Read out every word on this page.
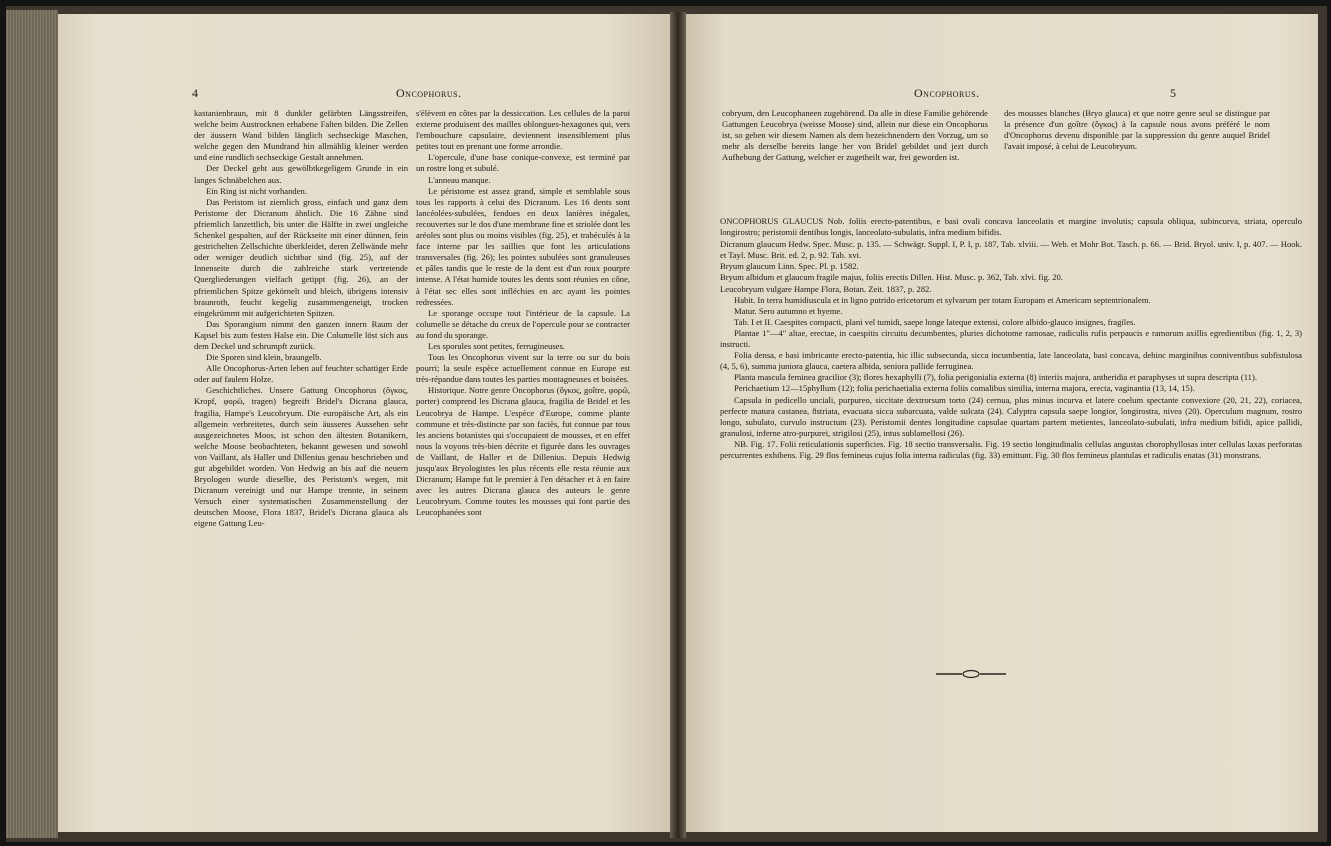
4	Oncophorus.

kastanienbraun, mit 8 dunkler gefärbten Längsstreifen, welche beim Austrocknen erhabene Falten bilden. Die Zellen der äussern Wand bilden länglich sechseckige Maschen, welche gegen den Mundrand hin allmählig kleiner werden und eine rundlich sechseckige Gestalt annehmen.

Der Deckel geht aus gewölbtkegeligem Grunde in ein langes Schnäbelchen aus.

Ein Ring ist nicht vorhanden.

Das Peristom ist ziemlich gross, einfach und ganz dem Peristome der Dicranum ähnlich. Die 16 Zähne sind pfriemlich lanzettlich, bis unter die Hälfte in zwei ungleiche Schenkel gespalten, auf der Rückseite mit einer dünnen, fein gestrichelten Zellschichte überkleidet, deren Zellwände mehr oder weniger deutlich sichtbar sind (fig. 25), auf der Innenseite durch die zahlreiche stark vertretende Quergliederungen vielfach getippt (fig. 26), an der pfriemlichen Spitze gekörnelt und bleich, übrigens intensiv braunroth, feucht kegelig zusammengeneigt, trocken eingekrümmt mit aufgerichteten Spitzen.

Das Sporangium nimmt den ganzen innern Raum der Kapsel bis zum festen Halse ein. Die Columelle löst sich aus dem Deckel und schrumpft zurück.

Die Sporen sind klein, braungelb.

Alle Oncophorus-Arten leben auf feuchter schattiger Erde oder auf faulem Holze.

Geschichtliches. Unsere Gattung Oncophorus (ὄγκος, Kropf, φορῶ, tragen) begreift Bridel's Dicrana glauca, fragilia, Hampe's Leucobryum. Die europäische Art, als ein allgemein verbreitetes, durch sein äusseres Aussehen sehr ausgezeichnetes Moos, ist schon den ältesten Botanikern, welche Moose beobachteten, bekannt gewesen und sowohl von Vaillant, als Haller und Dillenius genau beschrieben und gut abgebildet worden. Von Hedwig an bis auf die neuern Bryologen wurde dieselbe, des Peristom's wegen, mit Dicranum vereinigt und nur Hampe trennte, in seinem Versuch einer systematischen Zusammenstellung der deutschen Moose, Flora 1837, Bridel's Dicrana glauca als eigene Gattung Leu-

s'élèvent en côtes par la dessiccation. Les cellules de la paroi externe produisent des mailles oblongues-hexagones qui, vers l'embouchure capsulaire, deviennent insensiblement plus petites tout en prenant une forme arrondie.

L'opercule, d'une base conique-convexe, est terminé par un rostre long et subulé.

L'anneau manque.

Le péristome est assez grand, simple et semblable sous tous les rapports à celui des Dicranum. Les 16 dents sont lancéolées-subulées, fendues en deux lanières inégales, recouvertes sur le dos d'une membrane fine et striolée dont les aréoles sont plus ou moins visibles (fig. 25), et trabéculés à la face interne par les saillies que font les articulations transversales (fig. 26); les pointes subulées sont granuleuses et pâles tandis que le reste de la dent est d'un roux pourpre intense. A l'état humide toutes les dents sont réunies en cône, à l'état sec elles sont infléchies en arc ayant les pointes redressées.

Le sporange occupe tout l'intérieur de la capsule. La columelle se détache du creux de l'opercule pour se contracter au fond du sporange.

Les sporules sont petites, ferrugineuses.

Tous les Oncophorus vivent sur la terre ou sur du bois pourri; la seule espèce actuellement connue en Europe est très-répandue dans toutes les parties montagneuses et boisées.

Historique. Notre genre Oncophorus (ὄγκος, goître, φορῶ, porter) comprend les Dicrana glauca, fragilia de Bridel et les Leucobrya de Hampe. L'espèce d'Europe, comme plante commune et très-distincte par son faciès, fut connue par tous les anciens botanistes qui s'occupaient de mousses, et en effet nous la voyons très-bien décrite et figurée dans les ouvrages de Vaillant, de Haller et de Dillenius. Depuis Hedwig jusqu'aux Bryologistes les plus récents elle resta réunie aux Dicranum; Hampe fut le premier à l'en détacher et à en faire avec les autres Dicrana glauca des auteurs le genre Leucobryum. Comme toutes les mousses qui font partie des Leucophanées sont

Oncophorus.	5

cobryum, den Leucophaneen zugehörend. Da alle in diese Familie gehörende Gattungen Leucobrya (weisse Moose) sind, allein nur diese ein Oncophorus ist, so geben wir diesem Namen als dem bezeichnendern den Vorzug, um so mehr als derselbe bereits lange her von Bridel gebildet und jezt durch Aufhebung der Gattung, welcher er zugetheilt war, frei geworden ist.

des mousses blanches (Bryo glauca) et que notre genre seul se distingue par la présence d'un goître (ὄγκος) à la capsule nous avons préféré le nom d'Oncophorus devenu disponible par la suppression du genre auquel Bridel l'avait imposé, à celui de Leucobryum.

ONCOPHORUS GLAUCUS Nob. foliis erecto-patentibus, e basi ovali concava lanceolatis et margine involutis; capsula obliqua, subincurva, striata, operculo longirostro; peristomii dentibus longis, lanceolato-subulatis, infra medium bifidis.

Dicranum glaucum Hedw. Spec. Musc. p. 135. — Schwägr. Suppl. I, P. I, p. 187, Tab. xlviii. — Web. et Mohr Bot. Tasch. p. 66. — Brid. Bryol. univ. I, p. 407. — Hook. et Tayl. Musc. Brit. ed. 2, p. 92. Tab. xvi.

Bryum glaucum Linn. Spec. Pl. p. 1582.

Bryum albidum et glaucum fragile majus, foliis erectis Dillen. Hist. Musc. p. 362, Tab. xlvi. fig. 20.

Leucobryum vulgare Hampe Flora, Botan. Zeit. 1837, p. 282.

Habit. In terra humidiuscula et in ligno putrido ericetorum et sylvarum per totam Europam et Americam septentrionalem.

Matur. Sero autumno et hyeme.

Tab. I et II. Caespites compacti, plani vel tumidi, saepe longe lateque extensi, colore albido-glauco insignes, fragiles.

Plantae 1"—4" altae, erectae, in caespitis circuitu decumbentes, pluries dichotome ramosae, radiculis rufis perpaucis e ramorum axillis egredientibus (fig. 1, 2, 3) instructi.

Folia densa, e basi imbricante erecto-patentia, hic illic subsecunda, sicca incumbentia, late lanceolata, basi concava, dehinc marginibus conniventibus subfistulosa (4, 5, 6), summa juniora glauca, caetera albida, seniora pallide ferruginea.

Planta mascula feminea gracilior (3); flores hexaphylli (7), folia perigonialia externa (8) interiis majora, antheridia et paraphyses ut supra descripta (11).

Perichaetium 12—15phyllum (12); folia perichaetialia externa foliis comalibus similia, interna majora, erecta, vaginantia (13, 14, 15).

Capsula in pedicello unciali, purpureo, siccitate dextrorsum torto (24) cernua, plus minus incurva et latere coelum spectante convexiore (20, 21, 22), coriacea, perfecte matura castanea, 8striata, evacuata sicca subarcuata, valde sulcata (24). Calyptra capsula saepe longior, longirostra, nivea (20). Operculum magnum, rostro longo, subulato, curvulo instructum (23). Peristomii dentes longitudine capsulae quartam partem metientes, lanceolato-subulati, infra medium bifidi, apice pallidi, granulosi, inferne atro-purpurei, strigilosi (25), intus sublamellosi (26).

NB. Fig. 17. Folii reticulationis superficies. Fig. 18 sectio transversalis. Fig. 19 sectio longitudinalis cellulas angustas chorophyllosas inter cellulas laxas perforatas percurrentes exhibens. Fig. 29 flos femineus cujus folia interna radiculas (fig. 33) emittunt. Fig. 30 flos femineus plantulas et radiculis enatas (31) monstrans.
